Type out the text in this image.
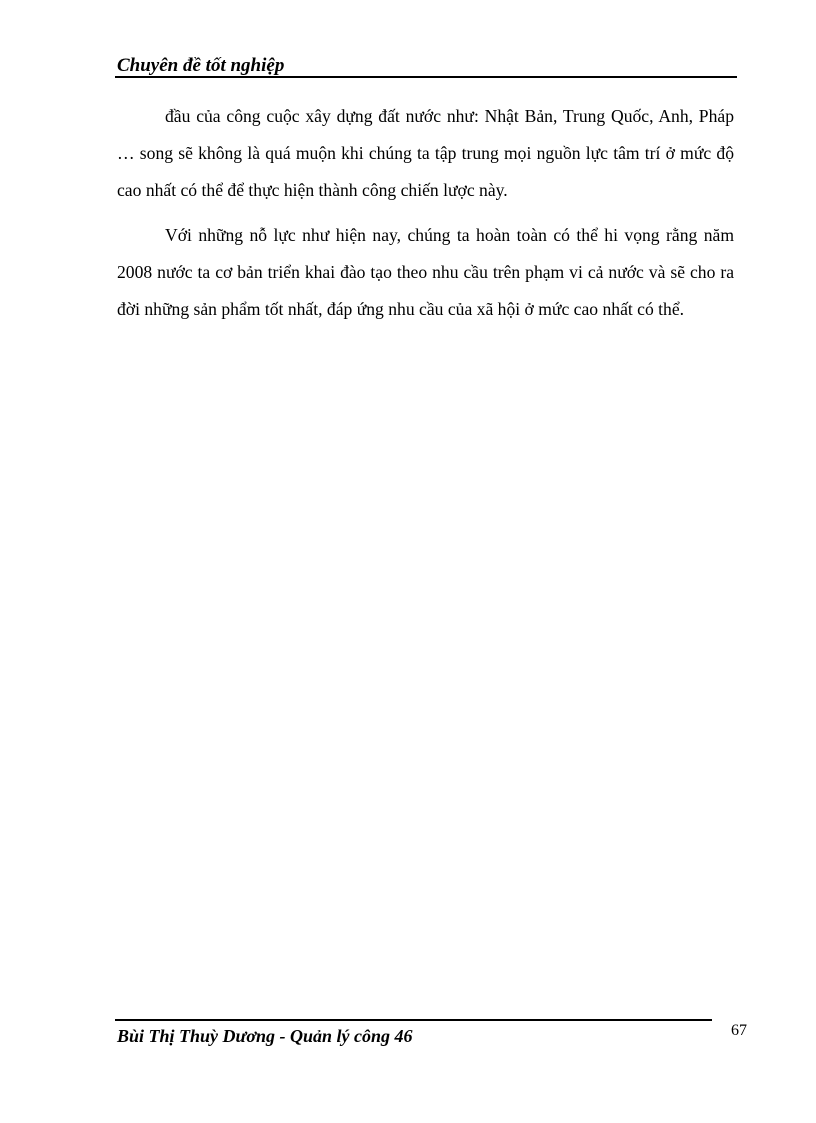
Chuyên đề tốt nghiệp

đầu của công cuộc xây dựng đất nước như: Nhật Bản, Trung Quốc, Anh, Pháp … song sẽ không là quá muộn khi chúng ta tập trung mọi nguồn lực tâm trí ở mức độ cao nhất có thể để thực hiện thành công chiến lược này.

Với những nỗ lực như hiện nay, chúng ta hoàn toàn có thể hi vọng rằng năm 2008 nước ta cơ bản triển khai đào tạo theo nhu cầu trên phạm vi cả nước và sẽ cho ra đời những sản phẩm tốt nhất, đáp ứng nhu cầu của xã hội ở mức cao nhất có thể.

Bùi Thị Thuỳ Dương - Quản lý công 46	67
